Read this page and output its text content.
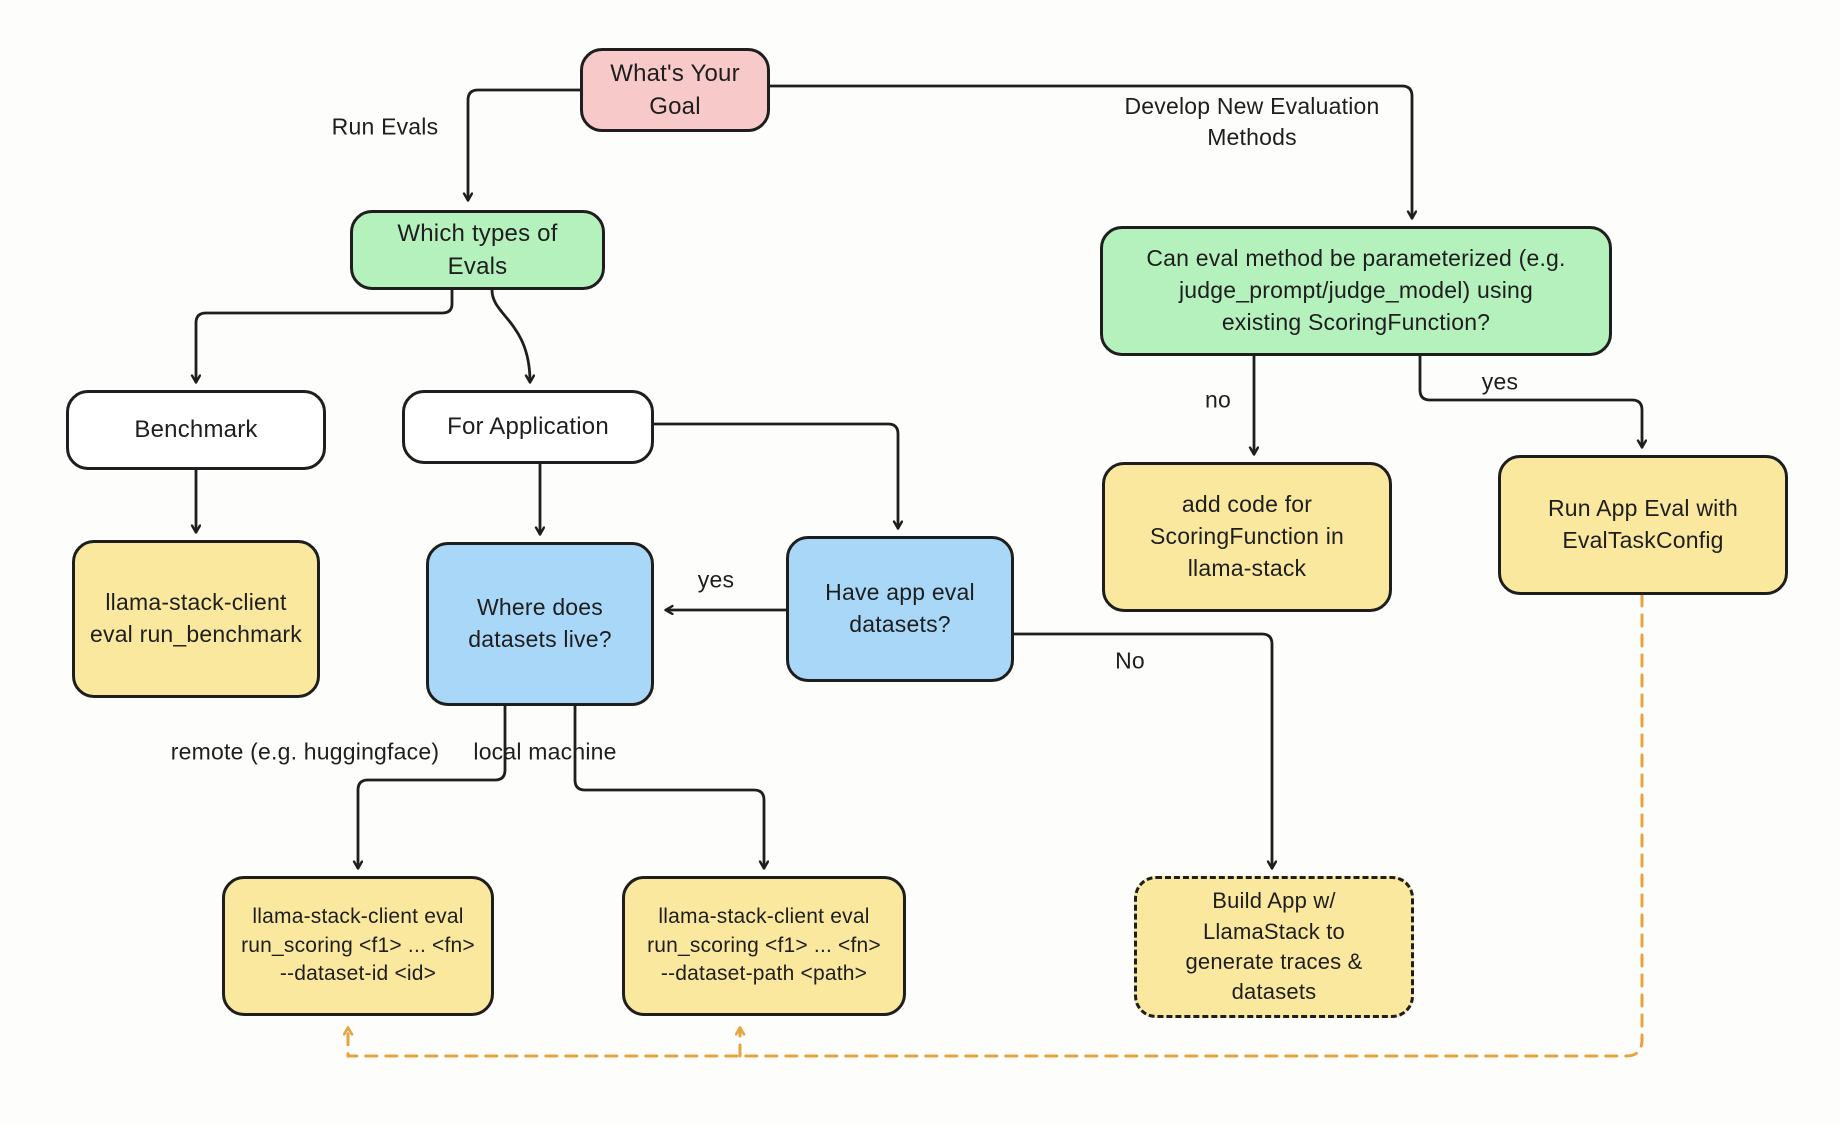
What's Your
Goal
Which types of
Evals	Can eval method be parameterized (e.g.
judge_prompt/judge_model) using
existing ScoringFunction?
Benchmark	For Application
llama-stack-client
eval run_benchmark
Where does
datasets live?
Have app eval
datasets?
add code for
ScoringFunction in
llama-stack
Run App Eval with
EvalTaskConfig
llama-stack-client eval
run_scoring <f1> ... <fn>
--dataset-id <id>
llama-stack-client eval
run_scoring <f1> ... <fn>
--dataset-path <path>
Build App w/
LlamaStack to
generate traces &
datasets
Run Evals
Develop New Evaluation
Methods
no
yes
yes
No
remote (e.g. huggingface) local machine
